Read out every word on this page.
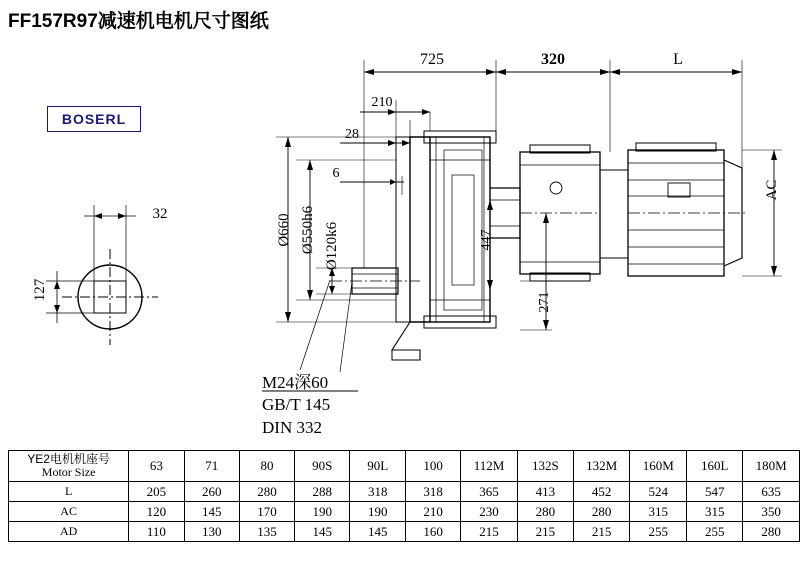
FF157R97减速机电机尺寸图纸
BOSERL
32
127
725	320	L
210
28
6
Ø660 Ø550h6 Ø120k6	447
271
AC
M24深60
GB/T 145
DIN 332
YE2电机机座号
Motor Size	63	71	80	90S	90L	100	112M	132S	132M	160M	160L	180M
L	205	260	280	288	318	318	365	413	452	524	547	635
AC	120	145	170	190	190	210	230	280	280	315	315	350
AD	110	130	135	145	145	160	215	215	215	255	255	280
